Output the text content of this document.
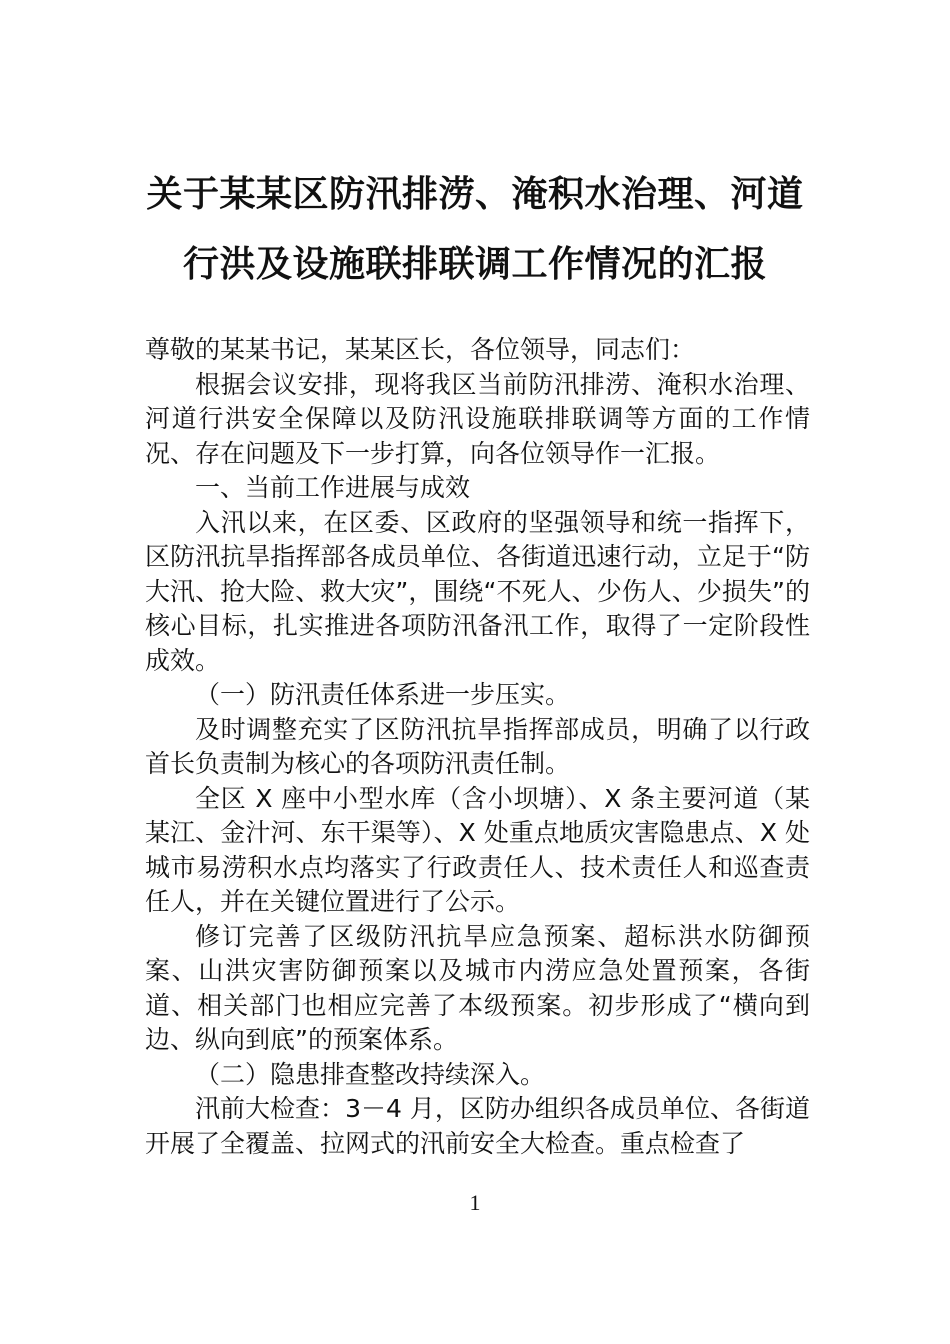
关于某某区防汛排涝、淹积水治理、河道
行洪及设施联排联调工作情况的汇报

尊敬的某某书记，某某区长，各位领导，同志们：

根据会议安排，现将我区当前防汛排涝、淹积水治理、河道行洪安全保障以及防汛设施联排联调等方面的工作情况、存在问题及下一步打算，向各位领导作一汇报。

一、当前工作进展与成效

入汛以来，在区委、区政府的坚强领导和统一指挥下，区防汛抗旱指挥部各成员单位、各街道迅速行动，立足于“防大汛、抢大险、救大灾”，围绕“不死人、少伤人、少损失”的核心目标，扎实推进各项防汛备汛工作，取得了一定阶段性成效。

（一）防汛责任体系进一步压实。

及时调整充实了区防汛抗旱指挥部成员，明确了以行政首长负责制为核心的各项防汛责任制。

全区 X 座中小型水库（含小坝塘）、X 条主要河道（某某江、金汁河、东干渠等）、X 处重点地质灾害隐患点、X 处城市易涝积水点均落实了行政责任人、技术责任人和巡查责任人，并在关键位置进行了公示。

修订完善了区级防汛抗旱应急预案、超标洪水防御预案、山洪灾害防御预案以及城市内涝应急处置预案，各街道、相关部门也相应完善了本级预案。初步形成了“横向到边、纵向到底”的预案体系。

（二）隐患排查整改持续深入。

汛前大检查：3－4 月，区防办组织各成员单位、各街道开展了全覆盖、拉网式的汛前安全大检查。重点检查了

1
